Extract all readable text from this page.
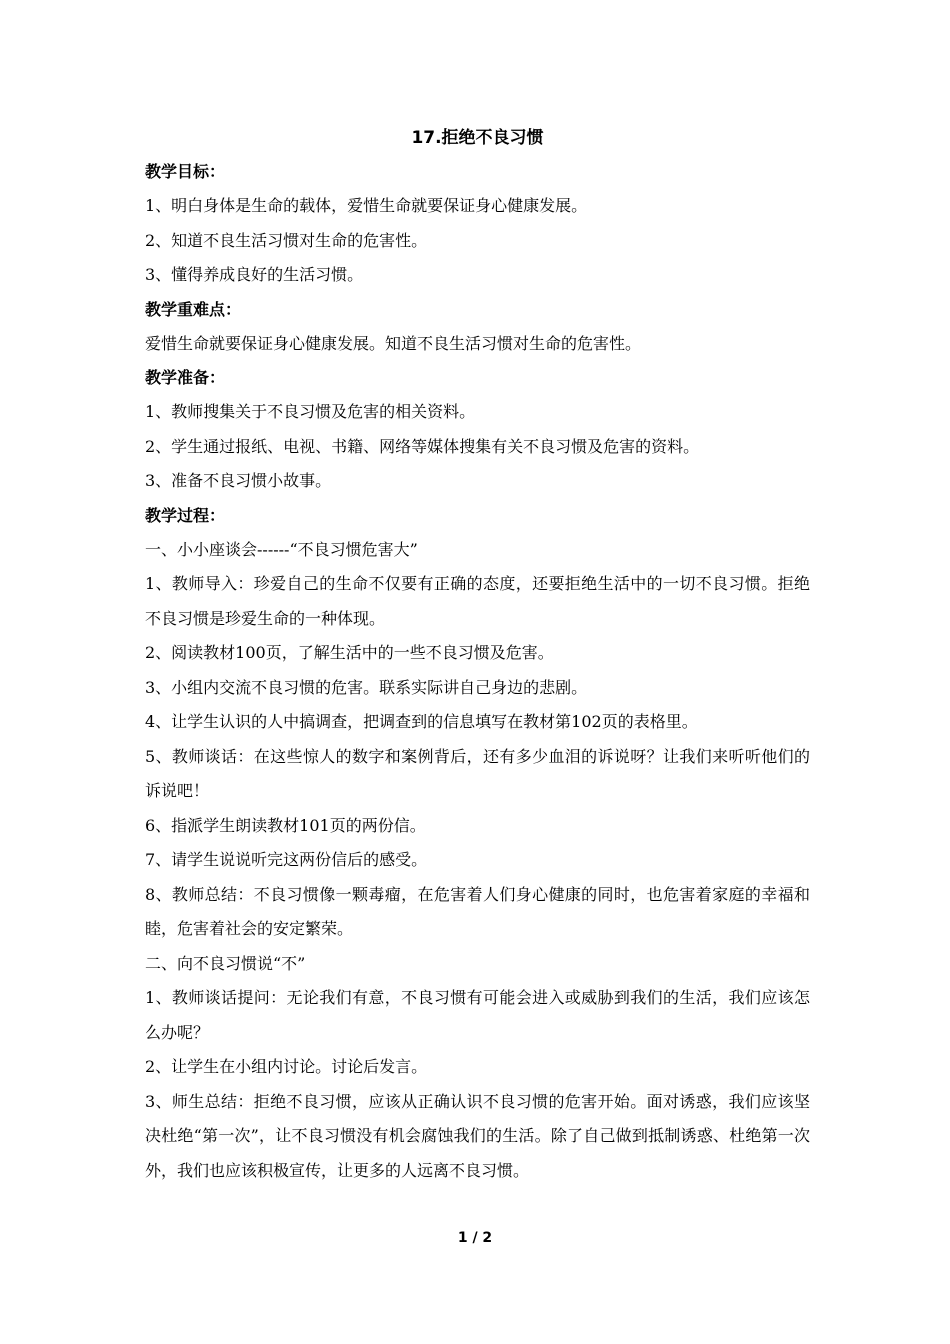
17.拒绝不良习惯
教学目标：

1、明白身体是生命的载体，爱惜生命就要保证身心健康发展。

2、知道不良生活习惯对生命的危害性。

3、懂得养成良好的生活习惯。

教学重难点：

爱惜生命就要保证身心健康发展。知道不良生活习惯对生命的危害性。

教学准备：

1、教师搜集关于不良习惯及危害的相关资料。

2、学生通过报纸、电视、书籍、网络等媒体搜集有关不良习惯及危害的资料。

3、准备不良习惯小故事。

教学过程：

一、小小座谈会------“不良习惯危害大”

1、教师导入：珍爱自己的生命不仅要有正确的态度，还要拒绝生活中的一切不良习惯。拒绝不良习惯是珍爱生命的一种体现。

2、阅读教材100页，了解生活中的一些不良习惯及危害。

3、小组内交流不良习惯的危害。联系实际讲自己身边的悲剧。

4、让学生认识的人中搞调查，把调查到的信息填写在教材第102页的表格里。

5、教师谈话：在这些惊人的数字和案例背后，还有多少血泪的诉说呀？让我们来听听他们的诉说吧！

6、指派学生朗读教材101页的两份信。

7、请学生说说听完这两份信后的感受。

8、教师总结：不良习惯像一颗毒瘤，在危害着人们身心健康的同时，也危害着家庭的幸福和睦，危害着社会的安定繁荣。

二、向不良习惯说“不”

1、教师谈话提问：无论我们有意，不良习惯有可能会进入或威胁到我们的生活，我们应该怎么办呢？

2、让学生在小组内讨论。讨论后发言。

3、师生总结：拒绝不良习惯，应该从正确认识不良习惯的危害开始。面对诱惑，我们应该坚决杜绝“第一次”，让不良习惯没有机会腐蚀我们的生活。除了自己做到抵制诱惑、杜绝第一次外，我们也应该积极宣传，让更多的人远离不良习惯。

1 / 2
